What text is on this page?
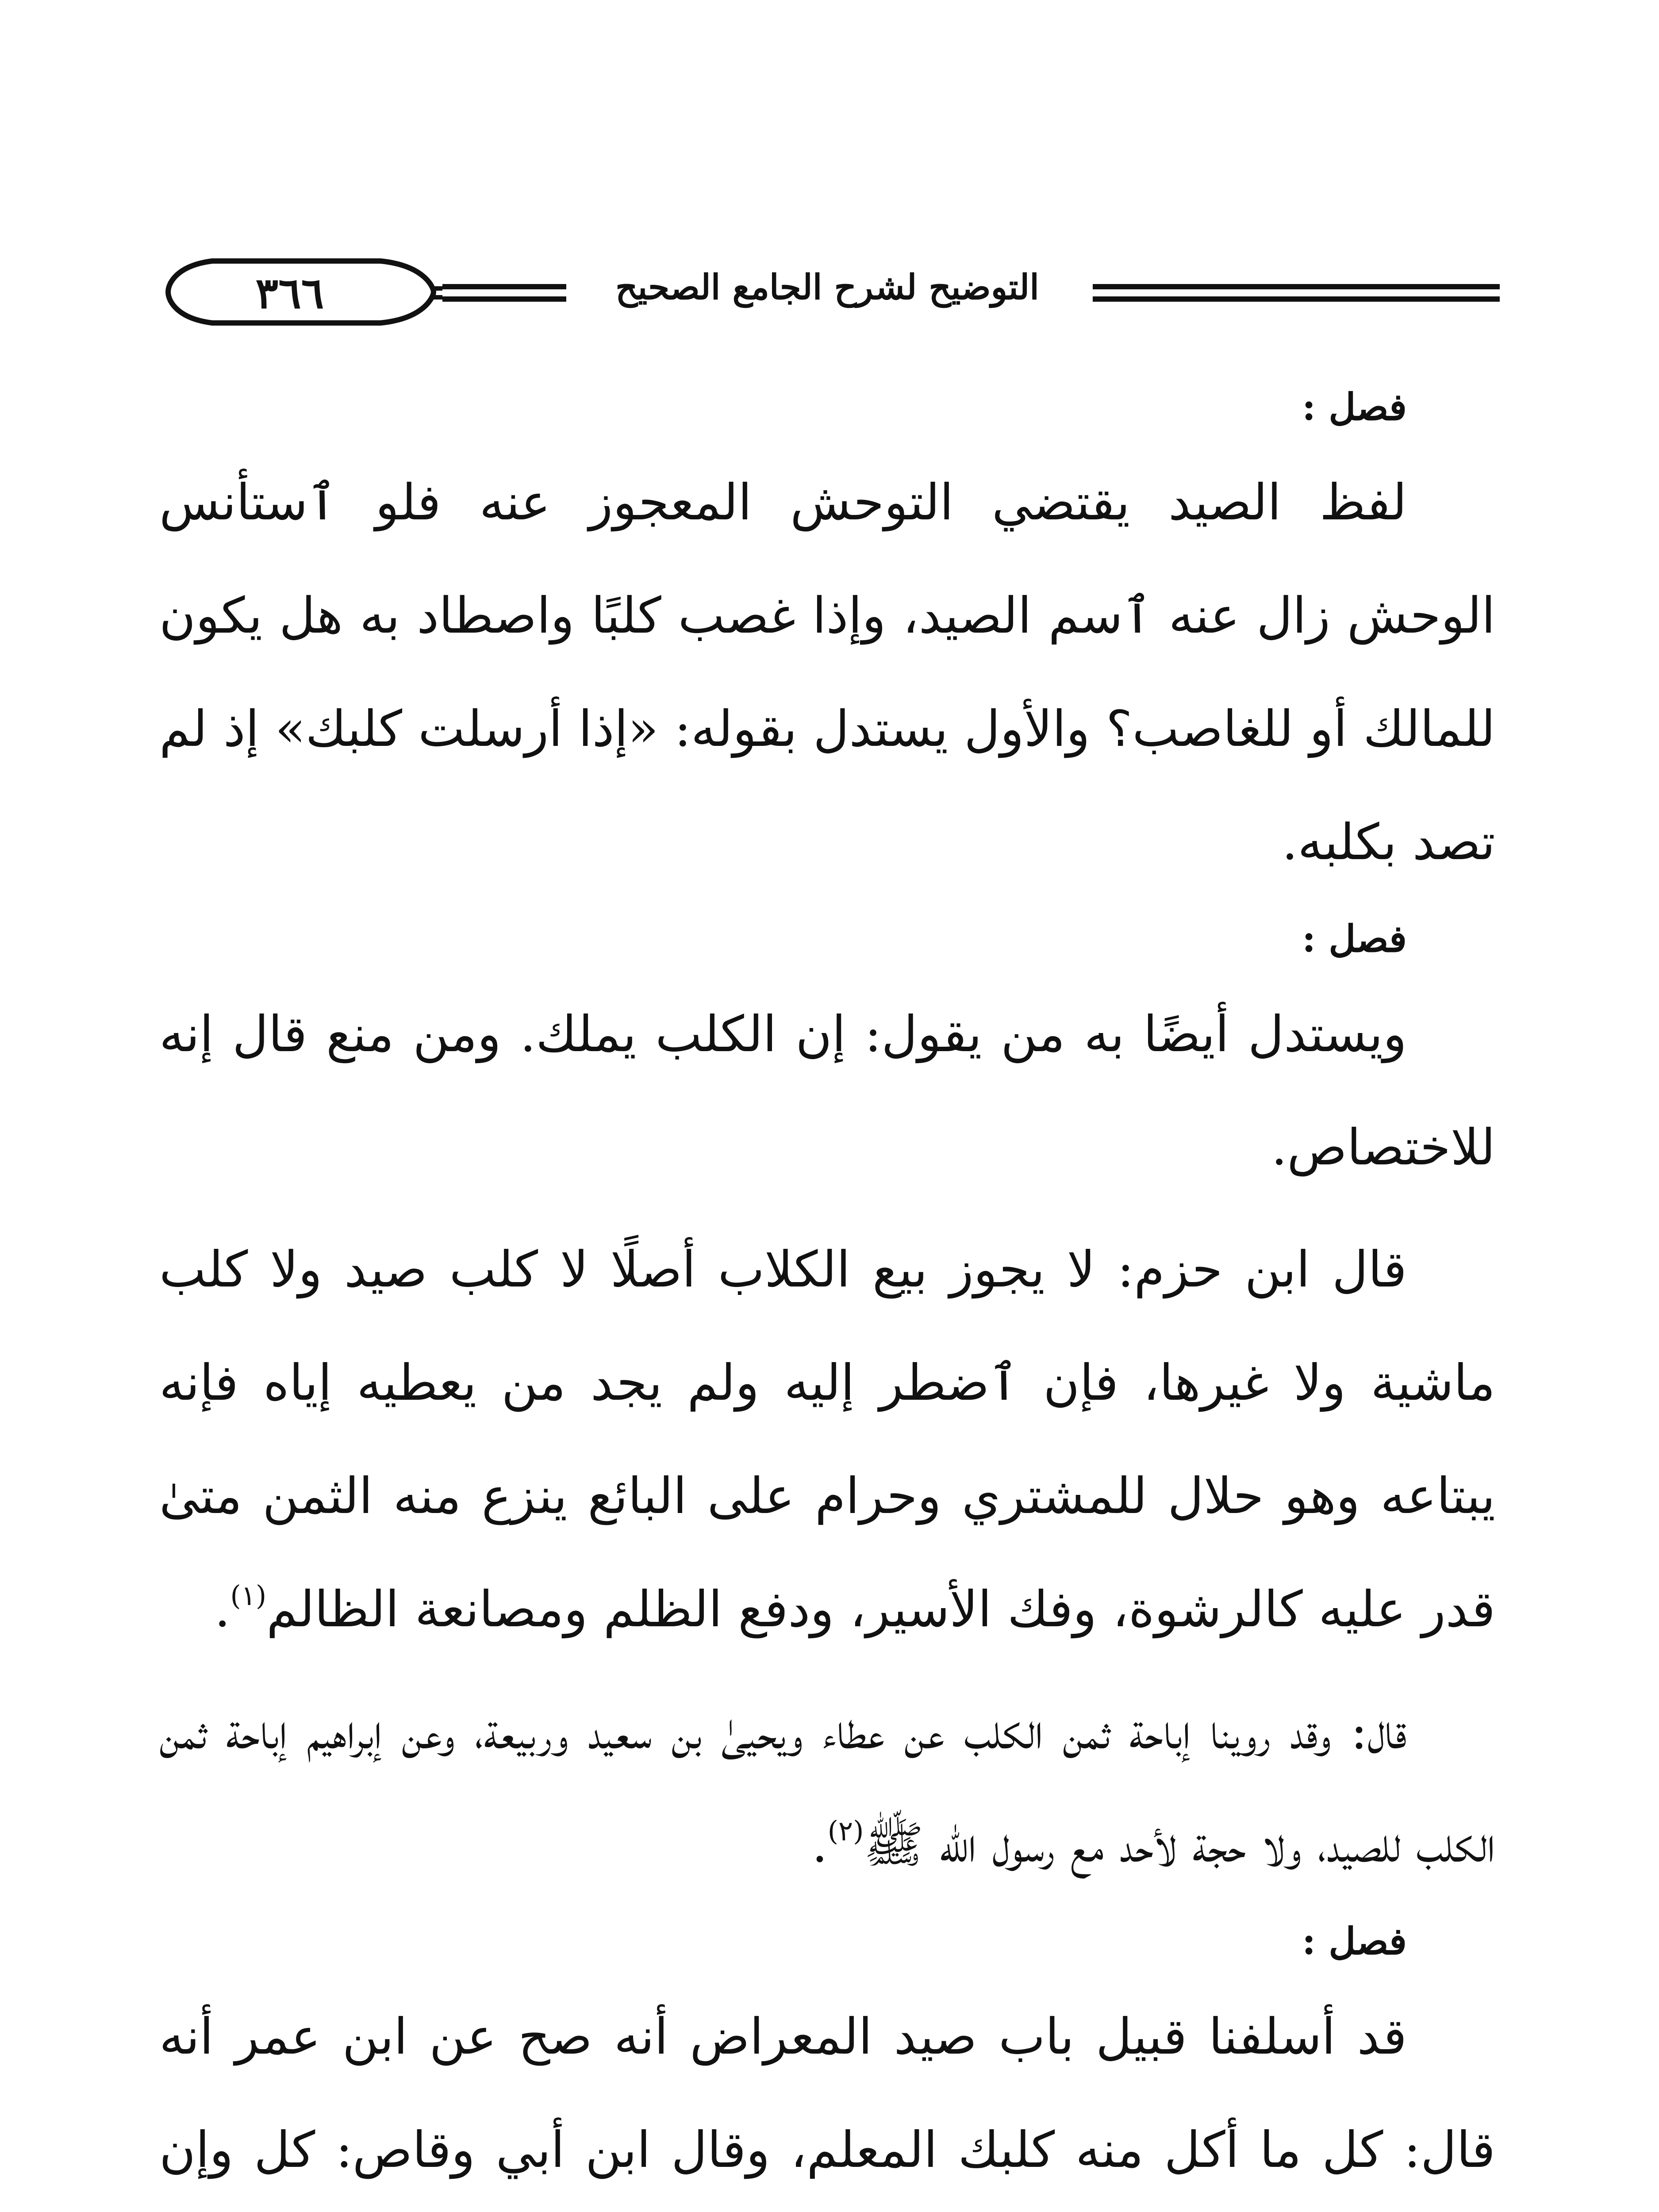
٣٦٦	التوضيح لشرح الجامع الصحيح
فصل :

لفظ الصيد يقتضي التوحش المعجوز عنه فلو ٱستأنس الوحش زال عنه ٱسم الصيد، وإذا غصب كلبًا واصطاد به هل يكون للمالك أو للغاصب؟ والأول يستدل بقوله: «إذا أرسلت كلبك» إذ لم تصد بكلبه.

فصل :

ويستدل أيضًا به من يقول: إن الكلب يملك. ومن منع قال إنه للاختصاص.

قال ابن حزم: لا يجوز بيع الكلاب أصلًا لا كلب صيد ولا كلب ماشية ولا غيرها، فإن ٱضطر إليه ولم يجد من يعطيه إياه فإنه يبتاعه وهو حلال للمشتري وحرام على البائع ينزع منه الثمن متىٰ قدر عليه كالرشوة، وفك الأسير، ودفع الظلم ومصانعة الظالم$^{(١)}$.

قال: وقد روينا إباحة ثمن الكلب عن عطاء ويحيىٰ بن سعيد وربيعة، وعن إبراهيم إباحة ثمن الكلب للصيد، ولا حجة لأحد مع رسول الله ﷺ$^{(٢)}$.

فصل :

قد أسلفنا قبيل باب صيد المعراض أنه صح عن ابن عمر أنه قال: كل ما أكل منه كلبك المعلم، وقال ابن أبي وقاص: كل وإن
